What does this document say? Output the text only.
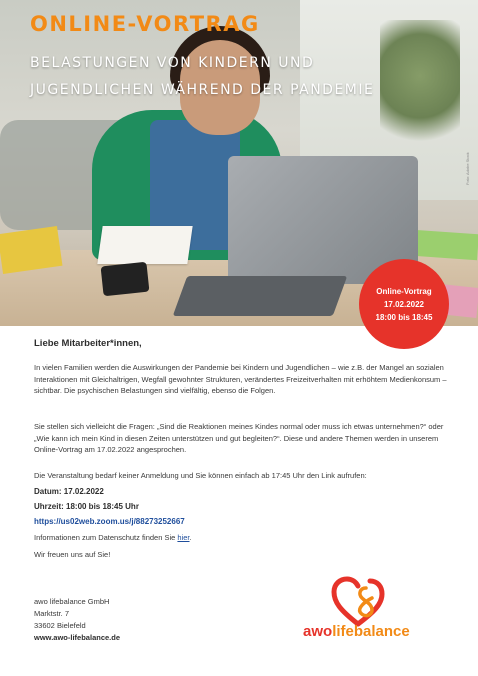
ONLINE-VORTRAG

BELASTUNGEN VON KINDERN UND

JUGENDLICHEN WÄHREND DER PANDEMIE

Foto: Adobe Stock
Online-Vortrag
17.02.2022
18:00 bis 18:45

Liebe Mitarbeiter*innen,

In vielen Familien werden die Auswirkungen der Pandemie bei Kindern und Jugendlichen – wie z.B. der Mangel an sozialen Interaktionen mit Gleichaltrigen, Wegfall gewohnter Strukturen, verändertes Freizeitverhalten mit erhöhtem Medienkonsum – sichtbar. Die psychischen Belastungen sind vielfältig, ebenso die Folgen.

Sie stellen sich vielleicht die Fragen: „Sind die Reaktionen meines Kindes normal oder muss ich etwas unternehmen?“ oder „Wie kann ich mein Kind in diesen Zeiten unterstützen und gut begleiten?“. Diese und andere Themen werden in unserem Online-Vortrag am 17.02.2022 angesprochen.

Die Veranstaltung bedarf keiner Anmeldung und Sie können einfach ab 17:45 Uhr den Link aufrufen:

Datum: 17.02.2022

Uhrzeit: 18:00 bis 18:45 Uhr

https://us02web.zoom.us/j/88273252667

Informationen zum Datenschutz finden Sie hier.

Wir freuen uns auf Sie!

awo lifebalance GmbH
Marktstr. 7
33602 Bielefeld
www.awo-lifebalance.de	awolifebalance
